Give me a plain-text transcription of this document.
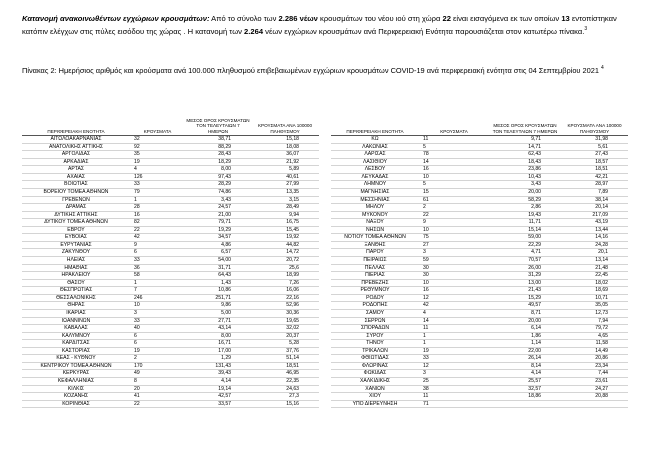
Κατανομή ανακοινωθέντων εγχώριων κρουσμάτων: Από το σύνολο των 2.286 νέων κρουσμάτων του νέου ιού στη χώρα 22 είναι εισαγόμενα εκ των οποίων 13 εντοπίστηκαν κατόπιν ελέγχων στις πύλες εισόδου της χώρας . Η κατανομή των 2.264 νέων εγχώριων κρουσμάτων ανά Περιφερειακή Ενότητα παρουσιάζεται στον κατωτέρω πίνακα.$^3$
Πίνακας 2: Ημερήσιος αριθμός και κρούσματα ανά 100.000 πληθυσμού επιβεβαιωμένων εγχώριων κρουσμάτων COVID-19 ανά περιφερειακή ενότητα στις 04 Σεπτεμβρίου 2021 $^4$
ΠΕΡΙΦΕΡΕΙΑΚΗ ΕΝΟΤΗΤΑ	ΚΡΟΥΣΜΑΤΑ	ΜΕΣΟΣ ΟΡΟΣ ΚΡΟΥΣΜΑΤΩΝ ΤΟΝ ΤΕΛΕΥΤΑΙΩΝ 7 ΗΜΕΡΩΝ	ΚΡΟΥΣΜΑΤΑ ΑΝΑ 100000 ΠΛΗΘΥΣΜΟΥ		ΠΕΡΙΦΕΡΕΙΑΚΗ ΕΝΟΤΗΤΑ	ΚΡΟΥΣΜΑΤΑ	ΜΕΣΟΣ ΟΡΟΣ ΚΡΟΥΣΜΑΤΩΝ ΤΟΝ ΤΕΛΕΥΤΑΙΩΝ 7 ΗΜΕΡΩΝ	ΚΡΟΥΣΜΑΤΑ ΑΝΑ 100000 ΠΛΗΘΥΣΜΟΥ
ΑΙΤΩΛΟΑΚΑΡΝΑΝΙΑΣ	32	38,71	15,18		ΚΩ	11	9,71	31,98
ΑΝΑΤΟΛΙΚΗΣ ΑΤΤΙΚΗΣ	92	88,29	18,08		ΛΑΚΩΝΙΑΣ	5	14,71	5,61
ΑΡΓΟΛΙΔΑΣ	35	28,43	36,07		ΛΑΡΙΣΑΣ	78	62,43	27,43
ΑΡΚΑΔΙΑΣ	19	18,29	21,92		ΛΑΣΙΘΙΟΥ	14	18,43	18,57
ΑΡΤΑΣ	4	8,00	5,89		ΛΕΣΒΟΥ	16	23,86	18,51
ΑΧΑΪΑΣ	126	97,43	40,61		ΛΕΥΚΑΔΑΣ	10	10,43	42,21
ΒΟΙΩΤΙΑΣ	33	28,29	27,99		ΛΗΜΝΟΥ	5	3,43	28,97
ΒΟΡΕΙΟΥ ΤΟΜΕΑ ΑΘΗΝΩΝ	79	74,86	13,35		ΜΑΓΝΗΣΙΑΣ	15	20,00	7,89
ΓΡΕΒΕΝΩΝ	1	3,43	3,15		ΜΕΣΣΗΝΙΑΣ	61	58,29	38,14
ΔΡΑΜΑΣ	28	24,57	28,49		ΜΗΛΟΥ	2	2,86	20,14
ΔΥΤΙΚΗΣ ΑΤΤΙΚΗΣ	16	21,00	9,94		ΜΥΚΟΝΟΥ	22	19,43	217,09
ΔΥΤΙΚΟΥ ΤΟΜΕΑ ΑΘΗΝΩΝ	82	79,71	16,75		ΝΑΞΟΥ	9	11,71	43,19
ΕΒΡΟΥ	22	19,29	15,45		ΝΗΣΩΝ	10	15,14	13,44
ΕΥΒΟΙΑΣ	42	34,57	19,92		ΝΟΤΙΟΥ ΤΟΜΕΑ ΑΘΗΝΩΝ	75	59,00	14,16
ΕΥΡΥΤΑΝΙΑΣ	9	4,86	44,82		ΞΑΝΘΗΣ	27	22,29	24,28
ΖΑΚΥΝΘΟΥ	6	6,57	14,72		ΠΑΡΟΥ	3	4,71	20,1
ΗΛΕΙΑΣ	33	54,00	20,72		ΠΕΙΡΑΙΩΣ	59	70,57	13,14
ΗΜΑΘΙΑΣ	36	31,71	25,6		ΠΕΛΛΑΣ	30	26,00	21,48
ΗΡΑΚΛΕΙΟΥ	58	64,43	18,99		ΠΙΕΡΙΑΣ	30	31,29	22,45
ΘΑΣΟΥ	1	1,43	7,26		ΠΡΕΒΕΖΗΣ	10	13,00	18,02
ΘΕΣΠΡΩΤΙΑΣ	7	10,86	16,06		ΡΕΘΥΜΝΟΥ	16	21,43	18,69
ΘΕΣΣΑΛΟΝΙΚΗΣ	246	251,71	22,16		ΡΟΔΟΥ	12	15,29	10,71
ΘΗΡΑΣ	10	9,86	52,96		ΡΟΔΟΠΗΣ	42	49,57	35,05
ΙΚΑΡΙΑΣ	3	5,00	30,36		ΣΑΜΟΥ	4	8,71	12,73
ΙΩΑΝΝΙΝΩΝ	33	27,71	19,65		ΣΕΡΡΩΝ	14	20,00	7,94
ΚΑΒΑΛΑΣ	40	43,14	32,02		ΣΠΟΡΑΔΩΝ	11	6,14	79,72
ΚΑΛΥΜΝΟΥ	6	8,00	20,37		ΣΥΡΟΥ	1	1,86	4,65
ΚΑΡΔΙΤΣΑΣ	6	16,71	5,28		ΤΗΝΟΥ	1	1,14	11,58
ΚΑΣΤΟΡΙΑΣ	19	17,00	37,76		ΤΡΙΚΑΛΩΝ	19	22,00	14,49
ΚΕΑΣ - ΚΥΘΝΟΥ	2	1,29	51,14		ΦΘΙΩΤΙΔΑΣ	33	26,14	20,86
ΚΕΝΤΡΙΚΟΥ ΤΟΜΕΑ ΑΘΗΝΩΝ	170	131,43	18,51		ΦΛΩΡΙΝΑΣ	12	8,14	23,34
ΚΕΡΚΥΡΑΣ	49	39,43	46,95		ΦΩΚΙΔΑΣ	3	4,14	7,44
ΚΕΦΑΛΛΗΝΙΑΣ	8	4,14	22,35		ΧΑΛΚΙΔΙΚΗΣ	25	25,57	23,61
ΚΙΛΚΙΣ	20	19,14	24,63		ΧΑΝΙΩΝ	38	32,57	24,27
ΚΟΖΑΝΗΣ	41	42,57	27,3		ΧΙΟΥ	11	18,86	20,88
ΚΟΡΙΝΘΙΑΣ	22	33,57	15,16		ΥΠΟ ΔΙΕΡΕΥΝΗΣΗ	71		
